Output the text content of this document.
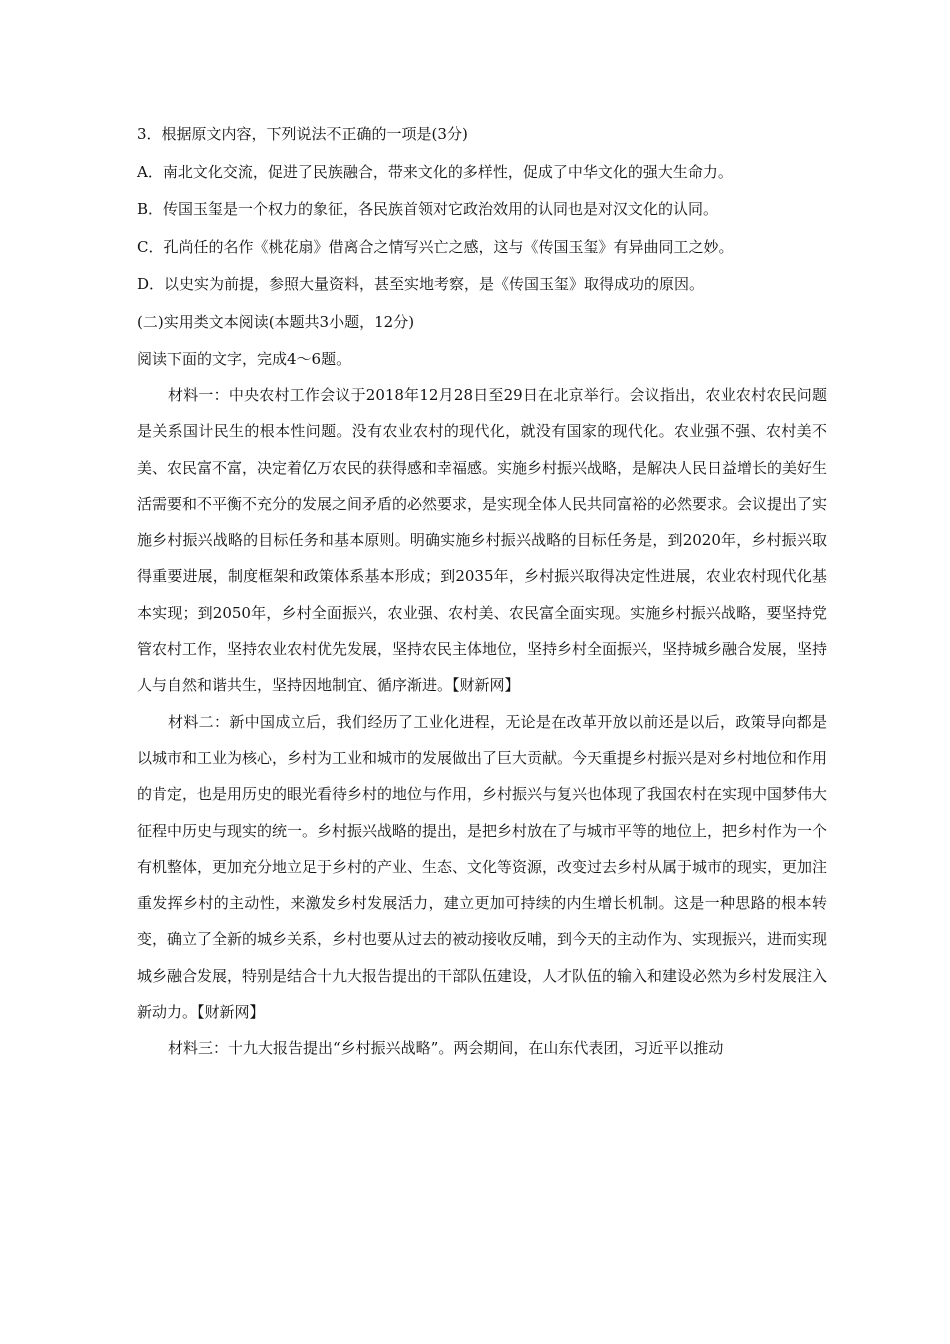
3．根据原文内容，下列说法不正确的一项是(3分)

A．南北文化交流，促进了民族融合，带来文化的多样性，促成了中华文化的强大生命力。

B．传国玉玺是一个权力的象征，各民族首领对它政治效用的认同也是对汉文化的认同。

C．孔尚任的名作《桃花扇》借离合之情写兴亡之感，这与《传国玉玺》有异曲同工之妙。

D．以史实为前提，参照大量资料，甚至实地考察，是《传国玉玺》取得成功的原因。

(二)实用类文本阅读(本题共3小题，12分)

阅读下面的文字，完成4～6题。

材料一：中央农村工作会议于2018年12月28日至29日在北京举行。会议指出，农业农村农民问题是关系国计民生的根本性问题。没有农业农村的现代化，就没有国家的现代化。农业强不强、农村美不美、农民富不富，决定着亿万农民的获得感和幸福感。实施乡村振兴战略，是解决人民日益增长的美好生活需要和不平衡不充分的发展之间矛盾的必然要求，是实现全体人民共同富裕的必然要求。会议提出了实施乡村振兴战略的目标任务和基本原则。明确实施乡村振兴战略的目标任务是，到2020年，乡村振兴取得重要进展，制度框架和政策体系基本形成；到2035年，乡村振兴取得决定性进展，农业农村现代化基本实现；到2050年，乡村全面振兴，农业强、农村美、农民富全面实现。实施乡村振兴战略，要坚持党管农村工作，坚持农业农村优先发展，坚持农民主体地位，坚持乡村全面振兴，坚持城乡融合发展，坚持人与自然和谐共生，坚持因地制宜、循序渐进。【财新网】

材料二：新中国成立后，我们经历了工业化进程，无论是在改革开放以前还是以后，政策导向都是以城市和工业为核心，乡村为工业和城市的发展做出了巨大贡献。今天重提乡村振兴是对乡村地位和作用的肯定，也是用历史的眼光看待乡村的地位与作用，乡村振兴与复兴也体现了我国农村在实现中国梦伟大征程中历史与现实的统一。乡村振兴战略的提出，是把乡村放在了与城市平等的地位上，把乡村作为一个有机整体，更加充分地立足于乡村的产业、生态、文化等资源，改变过去乡村从属于城市的现实，更加注重发挥乡村的主动性，来激发乡村发展活力，建立更加可持续的内生增长机制。这是一种思路的根本转变，确立了全新的城乡关系，乡村也要从过去的被动接收反哺，到今天的主动作为、实现振兴，进而实现城乡融合发展，特别是结合十九大报告提出的干部队伍建设，人才队伍的输入和建设必然为乡村发展注入新动力。【财新网】

材料三：十九大报告提出“乡村振兴战略”。两会期间，在山东代表团，习近平以推动
